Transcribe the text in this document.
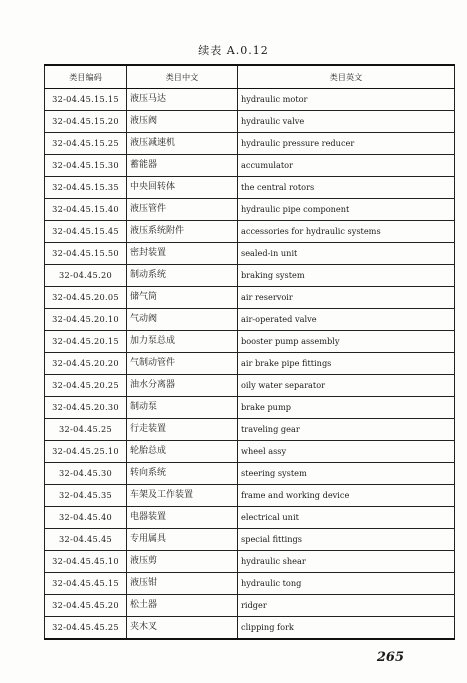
续表 A.0.12
类目编码	类目中文	类目英文
32-04.45.15.15	液压马达	hydraulic motor
32-04.45.15.20	液压阀	hydraulic valve
32-04.45.15.25	液压减速机	hydraulic pressure reducer
32-04.45.15.30	蓄能器	accumulator
32-04.45.15.35	中央回转体	the central rotors
32-04.45.15.40	液压管件	hydraulic pipe component
32-04.45.15.45	液压系统附件	accessories for hydraulic systems
32-04.45.15.50	密封装置	sealed-in unit
32-04.45.20	制动系统	braking system
32-04.45.20.05	储气筒	air reservoir
32-04.45.20.10	气动阀	air-operated valve
32-04.45.20.15	加力泵总成	booster pump assembly
32-04.45.20.20	气制动管件	air brake pipe fittings
32-04.45.20.25	油水分离器	oily water separator
32-04.45.20.30	制动泵	brake pump
32-04.45.25	行走装置	traveling gear
32-04.45.25.10	轮胎总成	wheel assy
32-04.45.30	转向系统	steering system
32-04.45.35	车架及工作装置	frame and working device
32-04.45.40	电器装置	electrical unit
32-04.45.45	专用属具	special fittings
32-04.45.45.10	液压剪	hydraulic shear
32-04.45.45.15	液压钳	hydraulic tong
32-04.45.45.20	松土器	ridger
32-04.45.45.25	夹木叉	clipping fork
265
